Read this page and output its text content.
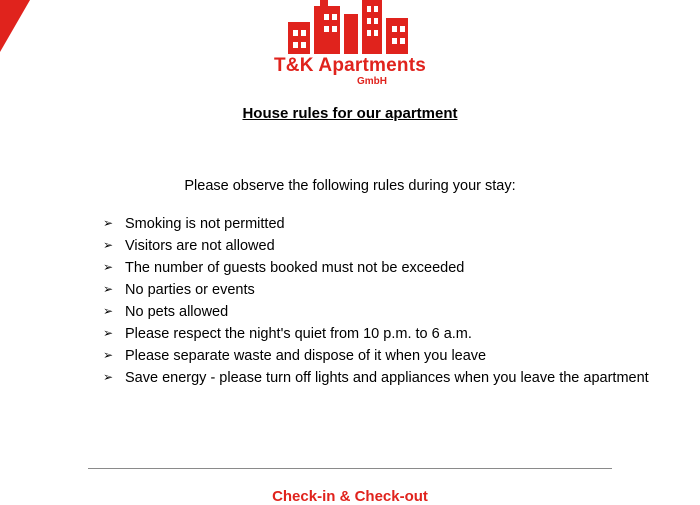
T&K Apartments
GmbH
House rules for our apartment
Please observe the following rules during your stay:
➢ Smoking is not permitted
➢ Visitors are not allowed
➢ The number of guests booked must not be exceeded
➢ No parties or events
➢ No pets allowed
➢ Please respect the night's quiet from 10 p.m. to 6 a.m.
➢ Please separate waste and dispose of it when you leave
➢ Save energy - please turn off lights and appliances when you leave the apartment
Check-in & Check-out
